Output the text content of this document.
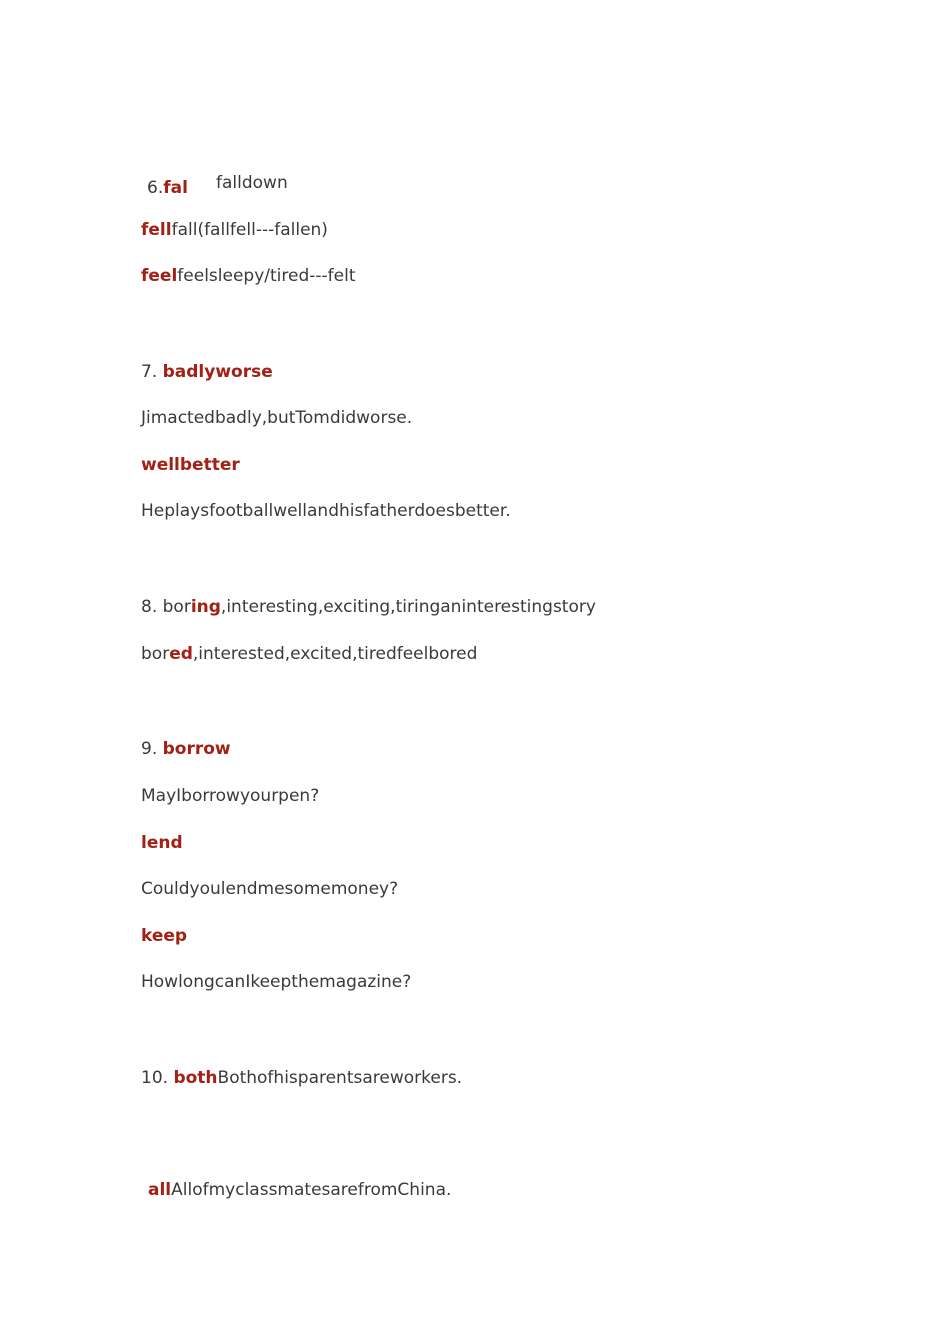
6.fal falldown
fellfall(fallfell---fallen)
feelfeelsleepy/tired---felt
7. badlyworse
Jimactedbadly,butTomdidworse.
wellbetter
Heplaysfootballwellandhisfatherdoesbetter.
8. boring,interesting,exciting,tiringaninterestingstory
bored,interested,excited,tiredfeelbored
9. borrow
MayIborrowyourpen?
lend
Couldyoulendmesomemoney?
keep
HowlongcanIkeepthemagazine?
10. bothBothofhisparentsareworkers.
allAllofmyclassmatesarefromChina.
